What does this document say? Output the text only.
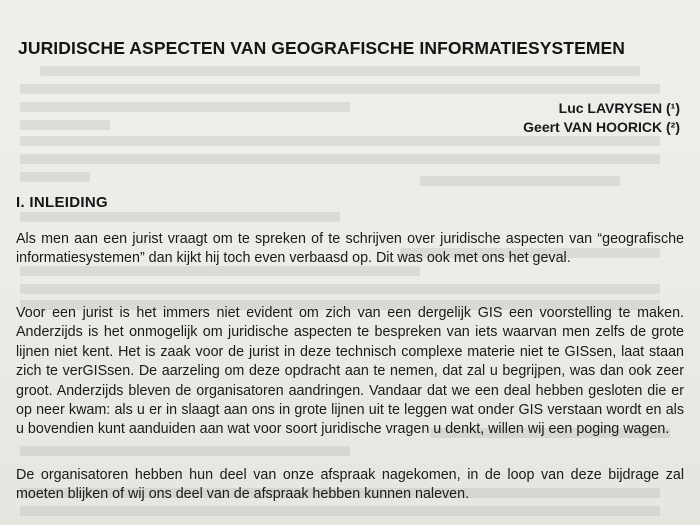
JURIDISCHE ASPECTEN VAN GEOGRAFISCHE INFORMATIESYSTEMEN
Luc LAVRYSEN (¹)
Geert VAN HOORICK (²)
I. INLEIDING

Als men aan een jurist vraagt om te spreken of te schrijven over juridische aspecten van “geografische informatiesystemen” dan kijkt hij toch even verbaasd op. Dit was ook met ons het geval.

Voor een jurist is het immers niet evident om zich van een dergelijk GIS een voorstelling te maken. Anderzijds is het onmogelijk om juridische aspecten te bespreken van iets waarvan men zelfs de grote lijnen niet kent. Het is zaak voor de jurist in deze technisch complexe materie niet te GISsen, laat staan zich te verGISsen. De aarzeling om deze opdracht aan te nemen, dat zal u begrijpen, was dan ook zeer groot. Anderzijds bleven de organisatoren aandringen. Vandaar dat we een deal hebben gesloten die er op neer kwam: als u er in slaagt aan ons in grote lijnen uit te leggen wat onder GIS verstaan wordt en als u bovendien kunt aanduiden aan wat voor soort juridische vragen u denkt, willen wij een poging wagen.

De organisatoren hebben hun deel van onze afspraak nagekomen, in de loop van deze bijdrage zal moeten blijken of wij ons deel van de afspraak hebben kunnen naleven.
